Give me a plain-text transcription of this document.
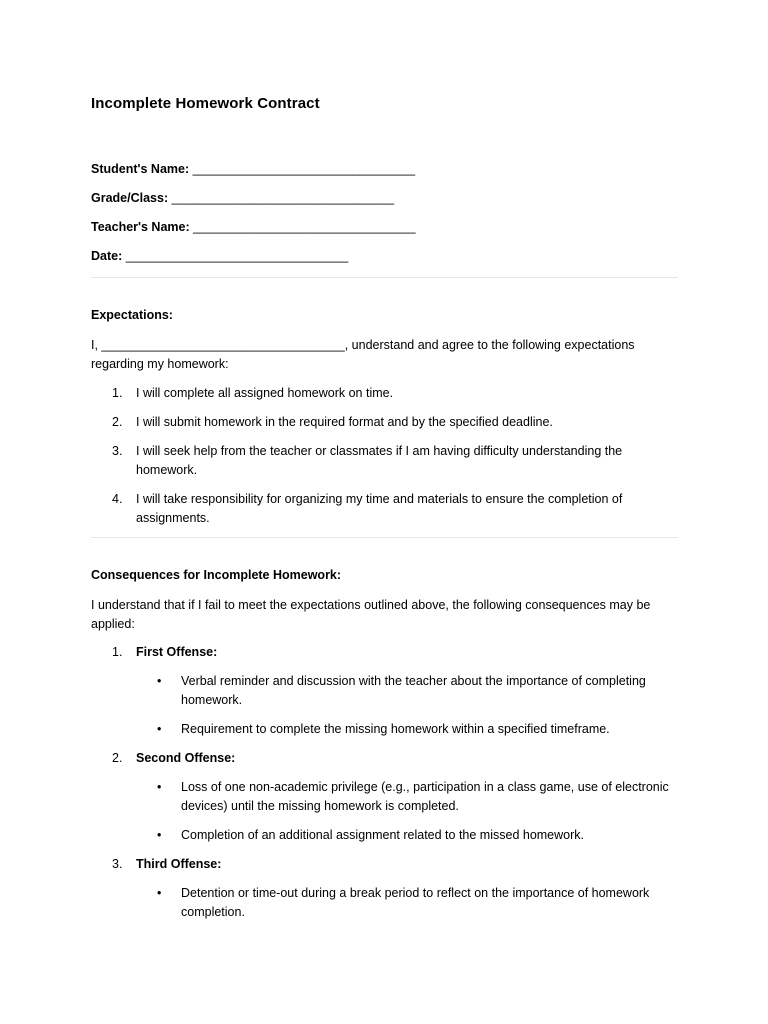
Incomplete Homework Contract
Student's Name: ________________________________
Grade/Class: ________________________________
Teacher's Name: ________________________________
Date: ________________________________
Expectations:
I, ___________________________________, understand and agree to the following expectations
regarding my homework:
1. I will complete all assigned homework on time.
2. I will submit homework in the required format and by the specified deadline.
3. I will seek help from the teacher or classmates if I am having difficulty understanding the
homework.
4. I will take responsibility for organizing my time and materials to ensure the completion of
assignments.
Consequences for Incomplete Homework:
I understand that if I fail to meet the expectations outlined above, the following consequences may be
applied:
1. First Offense:
• Verbal reminder and discussion with the teacher about the importance of completing
homework.
• Requirement to complete the missing homework within a specified timeframe.
2. Second Offense:
• Loss of one non-academic privilege (e.g., participation in a class game, use of electronic
devices) until the missing homework is completed.
• Completion of an additional assignment related to the missed homework.
3. Third Offense:
• Detention or time-out during a break period to reflect on the importance of homework
completion.
